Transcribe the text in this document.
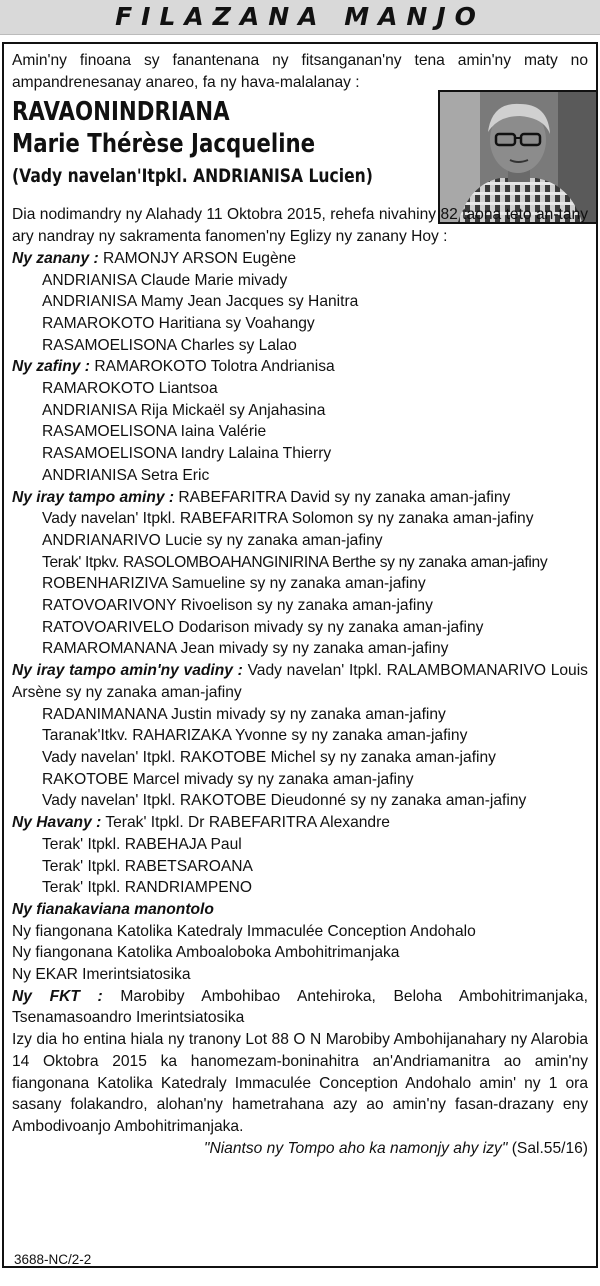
FILAZANA MANJO

Amin'ny finoana sy fanantenana ny fitsanganan'ny tena amin'ny maty no ampandrenesanay anareo, fa ny hava-malalanay :

RAVAONINDRIANA

Marie Thérèse Jacqueline

(Vady navelan'Itpkl. ANDRIANISA Lucien)

Dia nodimandry ny Alahady 11 Oktobra 2015, rehefa nivahiny 82 taona teto an-tany ary nandray ny sakramenta fanomen'ny Eglizy ny zanany Hoy :

Ny zanany : RAMONJY ARSON Eugène

ANDRIANISA Claude Marie mivady

ANDRIANISA Mamy Jean Jacques sy Hanitra

RAMAROKOTO Haritiana sy Voahangy

RASAMOELISONA Charles sy Lalao

Ny zafiny : RAMAROKOTO Tolotra Andrianisa

RAMAROKOTO Liantsoa

ANDRIANISA Rija Mickaël sy Anjahasina

RASAMOELISONA Iaina Valérie

RASAMOELISONA Iandry Lalaina Thierry

ANDRIANISA Setra Eric

Ny iray tampo aminy : RABEFARITRA David sy ny zanaka aman-jafiny

Vady navelan' Itpkl. RABEFARITRA Solomon sy ny zanaka aman-jafiny

ANDRIANARIVO Lucie sy ny zanaka aman-jafiny

Terak' Itpkv. RASOLOMBOAHANGINIRINA Berthe sy ny zanaka aman-jafiny

ROBENHARIZIVA Samueline sy ny zanaka aman-jafiny

RATOVOARIVONY Rivoelison sy ny zanaka aman-jafiny

RATOVOARIVELO Dodarison mivady sy ny zanaka aman-jafiny

RAMAROMANANA Jean mivady sy ny zanaka aman-jafiny

Ny iray tampo amin'ny vadiny : Vady navelan' Itpkl. RALAMBOMANARIVO Louis Arsène sy ny zanaka aman-jafiny

RADANIMANANA Justin mivady sy ny zanaka aman-jafiny

Taranak'Itkv. RAHARIZAKA Yvonne sy ny zanaka aman-jafiny

Vady navelan' Itpkl. RAKOTOBE Michel sy ny zanaka aman-jafiny

RAKOTOBE Marcel mivady sy ny zanaka aman-jafiny

Vady navelan' Itpkl. RAKOTOBE Dieudonné sy ny zanaka aman-jafiny

Ny Havany : Terak' Itpkl. Dr RABEFARITRA Alexandre

Terak' Itpkl. RABEHAJA Paul

Terak' Itpkl. RABETSAROANA

Terak' Itpkl. RANDRIAMPENO

Ny fianakaviana manontolo

Ny fiangonana Katolika Katedraly Immaculée Conception Andohalo

Ny fiangonana Katolika Amboaloboka Ambohitrimanjaka

Ny EKAR Imerintsiatosika

Ny FKT : Marobiby Ambohibao Antehiroka, Beloha Ambohitrimanjaka, Tsenamasoandro Imerintsiatosika

Izy dia ho entina hiala ny tranony Lot 88 O N Marobiby Ambohijanahary ny Alarobia 14 Oktobra 2015 ka hanomezam-boninahitra an'Andriamanitra ao amin'ny fiangonana Katolika Katedraly Immaculée Conception Andohalo amin' ny 1 ora sasany folakandro, alohan'ny hametrahana azy ao amin'ny fasan-drazany eny Ambodivoanjo Ambohitrimanjaka.

"Niantso ny Tompo aho ka namonjy ahy izy" (Sal.55/16)

3688-NC/2-2
